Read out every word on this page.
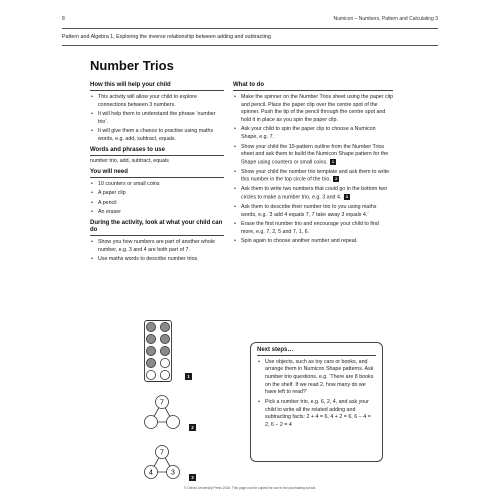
8	Numicon – Numbers, Pattern and Calculating 3
Pattern and Algebra 1, Exploring the inverse relationship between adding and subtracting
Number Trios
How this will help your child
• This activity will allow your child to explore connections between 3 numbers.
• It will help them to understand the phrase ‘number trio’.
• It will give them a chance to practise using maths words, e.g. add, subtract, equals.
Words and phrases to use
number trio, add, subtract, equals
You will need
• 10 counters or small coins
• A paper clip
• A pencil
• An eraser
During the activity, look at what your child can do
• Show you how numbers are part of another whole number, e.g. 3 and 4 are both part of 7.
• Use maths words to describe number trios.
What to do
• Make the spinner on the Number Trios sheet using the paper clip and pencil. Place the paper clip over the centre spot of the spinner. Push the tip of the pencil through the centre spot and hold it in place as you spin the paper clip.
• Ask your child to spin the paper clip to choose a Numicon Shape, e.g. 7.
• Show your child the 10-pattern outline from the Number Trios sheet and ask them to build the Numicon Shape pattern for the Shape using counters or small coins. 1
• Show your child the number trio template and ask them to write this number in the top circle of the trio. 2
• Ask them to write two numbers that could go in the bottom two circles to make a number trio, e.g. 3 and 4. 3
• Ask them to describe their number trio to you using maths words, e.g. ‘3 add 4 equals 7, 7 take away 3 equals 4.’
• Erase the first number trio and encourage your child to find more, e.g. 7, 2, 5 and 7, 1, 6.
• Spin again to choose another number and repeat.
Next steps…
• Use objects, such as toy cars or books, and arrange them in Numicon Shape patterns. Ask number trio questions, e.g. ‘There are 8 books on the shelf. If we read 2, how many do we have left to read?’
• Pick a number trio, e.g. 6, 2, 4, and ask your child to write all the related adding and subtracting facts: 2 + 4 = 6, 4 + 2 = 6, 6 − 4 = 2, 6 − 2 = 4
1
7
2
7
4	3
3
© Oxford University Press 2016. This page can be copied for use in the purchasing school.
